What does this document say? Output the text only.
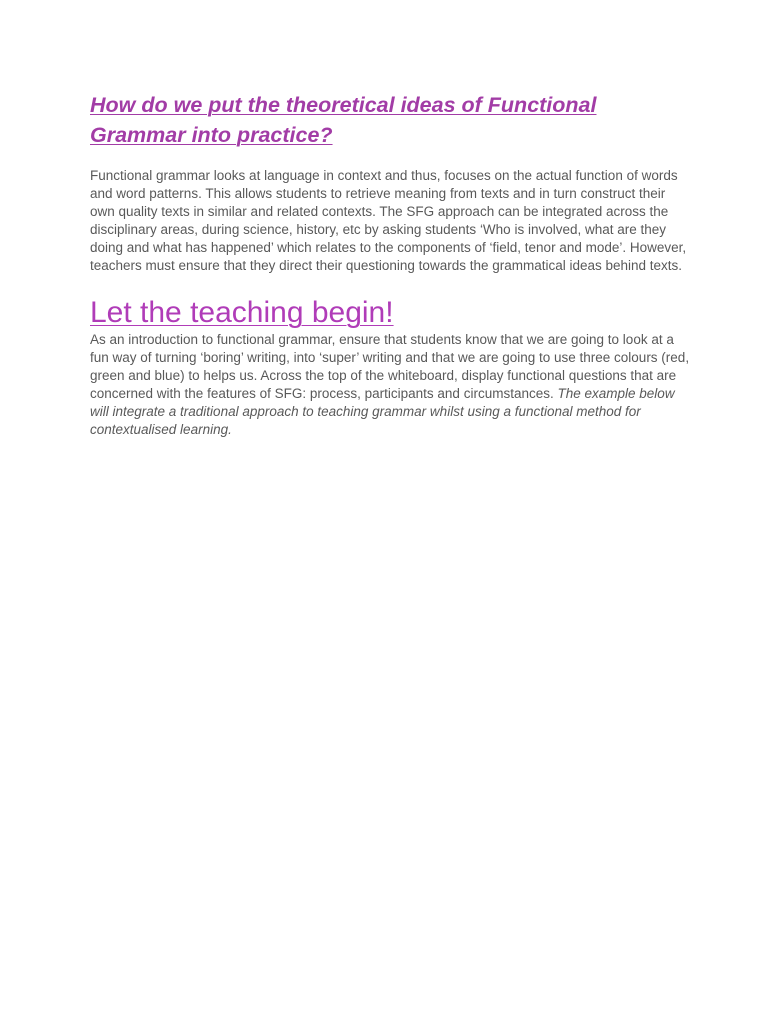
How do we put the theoretical ideas of Functional
Grammar into practice?

Functional grammar looks at language in context and thus, focuses on the actual function of words and word patterns. This allows students to retrieve meaning from texts and in turn construct their own quality texts in similar and related contexts. The SFG approach can be integrated across the disciplinary areas, during science, history, etc by asking students ‘Who is involved, what are they doing and what has happened’ which relates to the components of ‘field, tenor and mode’. However, teachers must ensure that they direct their questioning towards the grammatical ideas behind texts.

Let the teaching begin!

As an introduction to functional grammar, ensure that students know that we are going to look at a fun way of turning ‘boring’ writing, into ‘super’ writing and that we are going to use three colours (red, green and blue) to helps us. Across the top of the whiteboard, display functional questions that are concerned with the features of SFG: process, participants and circumstances. The example below will integrate a traditional approach to teaching grammar whilst using a functional method for contextualised learning.
